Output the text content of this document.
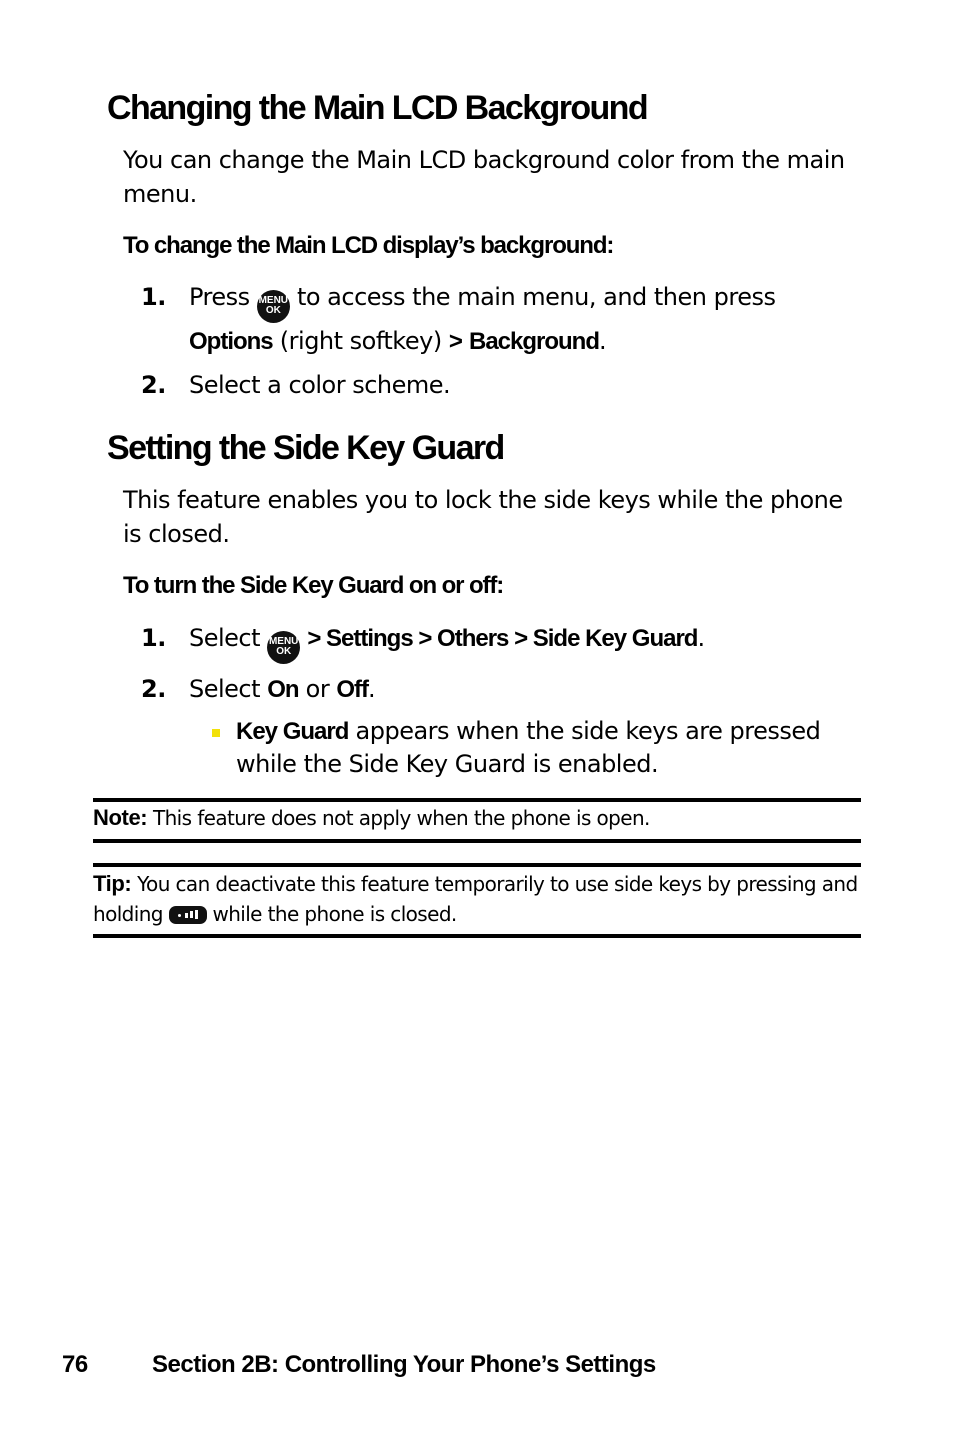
Changing the Main LCD Background

You can change the Main LCD background color from the main menu.

To change the Main LCD display’s background:

1. Press MENU
OK to access the main menu, and then press Options (right softkey) > Background.
2. Select a color scheme.
Setting the Side Key Guard

This feature enables you to lock the side keys while the phone is closed.

To turn the Side Key Guard on or off:

1. Select MENU
OK > Settings > Others > Side Key Guard.
2. Select On or Off.
Key Guard appears when the side keys are pressed while the Side Key Guard is enabled.
Note: This feature does not apply when the phone is open.
Tip: You can deactivate this feature temporarily to use side keys by pressing and holding while the phone is closed.

76	Section 2B: Controlling Your Phone’s Settings
